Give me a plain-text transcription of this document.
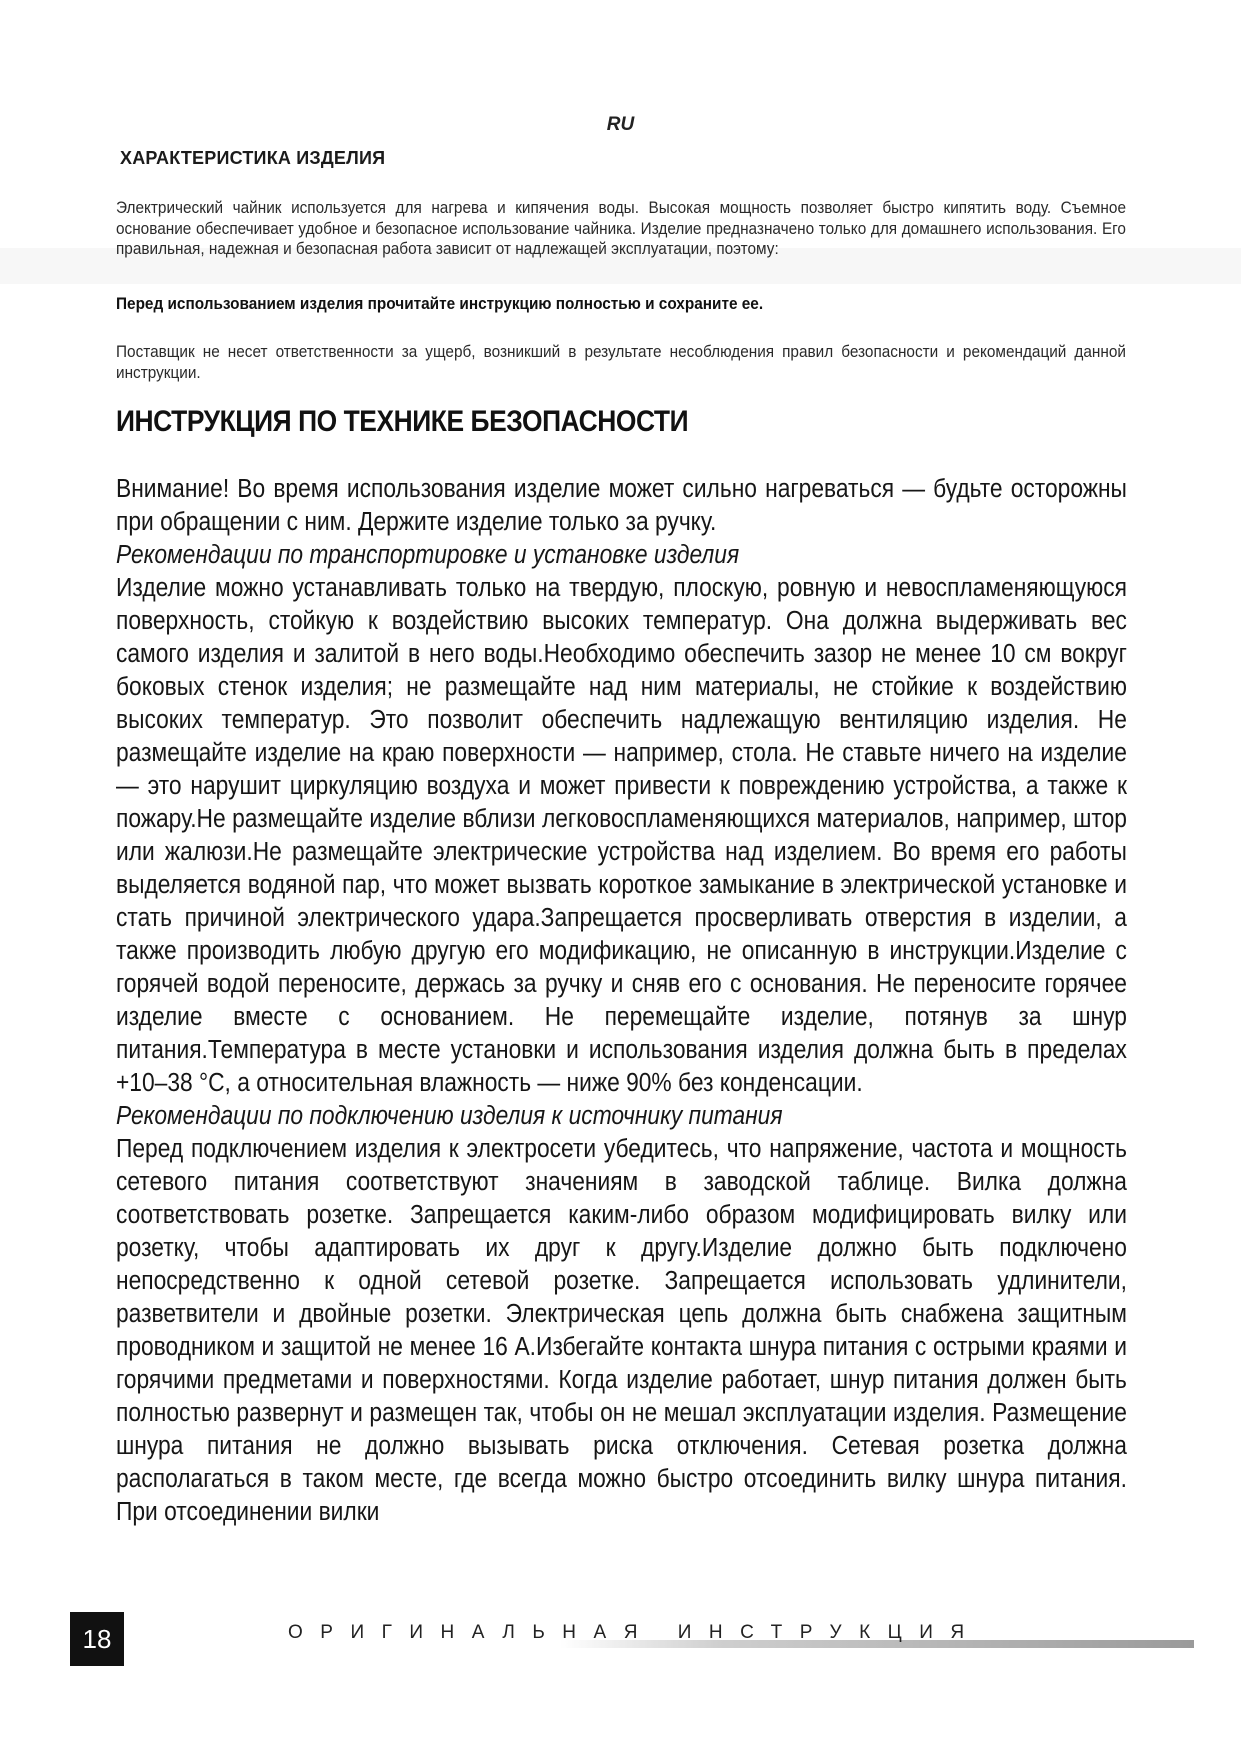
RU
ХАРАКТЕРИСТИКА ИЗДЕЛИЯ
Электрический чайник используется для нагрева и кипячения воды. Высокая мощность позволяет быстро кипятить воду. Съемное основание обеспечивает удобное и безопасное использование чайника. Изделие предназначено только для домашнего использования. Его правильная, надежная и безопасная работа зависит от надлежащей эксплуатации, поэтому:
Перед использованием изделия прочитайте инструкцию полностью и сохраните ее.
Поставщик не несет ответственности за ущерб, возникший в результате несоблюдения правил безопасности и рекомендаций данной инструкции.
ИНСТРУКЦИЯ ПО ТЕХНИКЕ БЕЗОПАСНОСТИ

Внимание! Во время использования изделие может сильно нагреваться — будьте осторожны при обращении с ним. Держите изделие только за ручку.

Рекомендации по транспортировке и установке изделия

Изделие можно устанавливать только на твердую, плоскую, ровную и невоспламеняющуюся поверхность, стойкую к воздействию высоких температур. Она должна выдерживать вес самого изделия и залитой в него воды.Необходимо обеспечить зазор не менее 10 см вокруг боковых стенок изделия; не размещайте над ним материалы, не стойкие к воздействию высоких температур. Это позволит обеспечить надлежащую вентиляцию изделия. Не размещайте изделие на краю поверхности — например, стола. Не ставьте ничего на изделие — это нарушит циркуляцию воздуха и может привести к повреждению устройства, а также к пожару.Не размещайте изделие вблизи легковоспламеняющихся материалов, например, штор или жалюзи.Не размещайте электрические устройства над изделием. Во время его работы выделяется водяной пар, что может вызвать короткое замыкание в электрической установке и стать причиной электрического удара.Запрещается просверливать отверстия в изделии, а также производить любую другую его модификацию, не описанную в инструкции.Изделие с горячей водой переносите, держась за ручку и сняв его с основания. Не переносите горячее изделие вместе с основанием. Не перемещайте изделие, потянув за шнур питания.Температура в месте установки и использования изделия должна быть в пределах +10–38 °C, а относительная влажность — ниже 90% без конденсации.

Рекомендации по подключению изделия к источнику питания

Перед подключением изделия к электросети убедитесь, что напряжение, частота и мощность сетевого питания соответствуют значениям в заводской таблице. Вилка должна соответствовать розетке. Запрещается каким-либо образом модифицировать вилку или розетку, чтобы адаптировать их друг к другу.Изделие должно быть подключено непосредственно к одной сетевой розетке. Запрещается использовать удлинители, разветвители и двойные розетки. Электрическая цепь должна быть снабжена защитным проводником и защитой не менее 16 А.Избегайте контакта шнура питания с острыми краями и горячими предметами и поверхностями. Когда изделие работает, шнур питания должен быть полностью развернут и размещен так, чтобы он не мешал эксплуатации изделия. Размещение шнура питания не должно вызывать риска отключения. Сетевая розетка должна располагаться в таком месте, где всегда можно быстро отсоединить вилку шнура питания. При отсоединении вилки

18	ОРИГИНАЛЬНАЯ ИНСТРУКЦИЯ
